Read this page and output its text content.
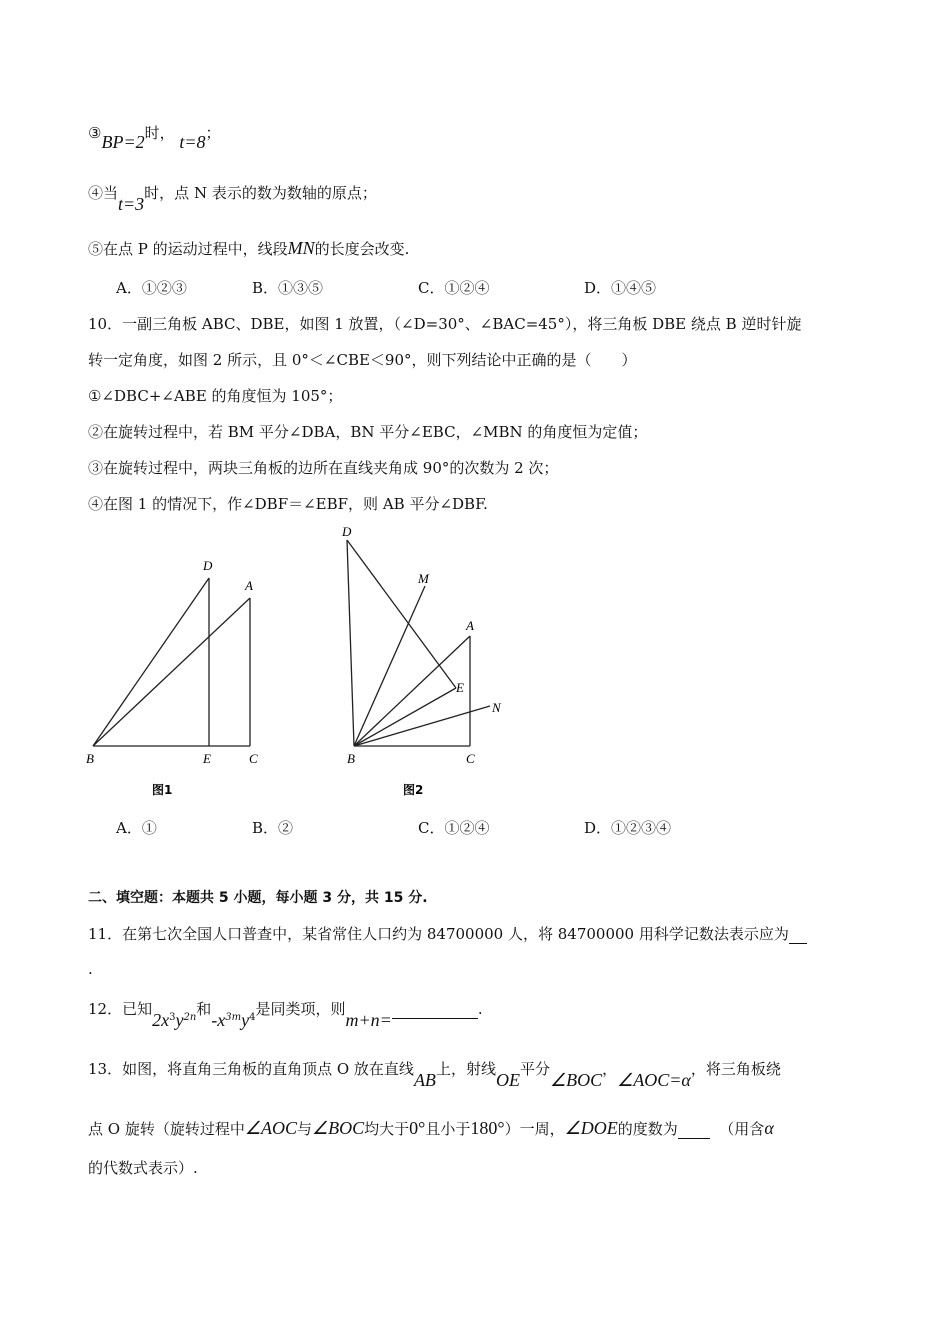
③BP=2时， t=8；
④当t=3时，点 N 表示的数为数轴的原点；
⑤在点 P 的运动过程中，线段MN的长度会改变.
A．①②③	B．①③⑤	C．①②④	D．①④⑤
10．一副三角板 ABC、DBE，如图 1 放置，（∠D=30°、∠BAC=45°），将三角板 DBE 绕点 B 逆时针旋
转一定角度，如图 2 所示，且 0°＜∠CBE＜90°，则下列结论中正确的是（　　）
①∠DBC+∠ABE 的角度恒为 105°；
②在旋转过程中，若 BM 平分∠DBA，BN 平分∠EBC，∠MBN 的角度恒为定值；
③在旋转过程中，两块三角板的边所在直线夹角成 90°的次数为 2 次；
④在图 1 的情况下，作∠DBF＝∠EBF，则 AB 平分∠DBF.
D
A
B	E	C
图1
D
M
A
E
N
B	C
图2
A．①	B．②	C．①②④	D．①②③④
二、填空题：本题共 5 小题，每小题 3 分，共 15 分.
11．在第七次全国人口普查中，某省常住人口约为 84700000 人，将 84700000 用科学记数法表示应为
.
12．已知$2x^3y^{2n}$和$-x^{3m}y^4$是同类项，则m+n= .
13．如图，将直角三角板的直角顶点 O 放在直线AB上，射线OE平分∠BOC，∠AOC=α，将三角板绕
点 O 旋转（旋转过程中∠AOC与∠BOC均大于0°且小于180°）一周，∠DOE的度数为	（用含α
的代数式表示）.
